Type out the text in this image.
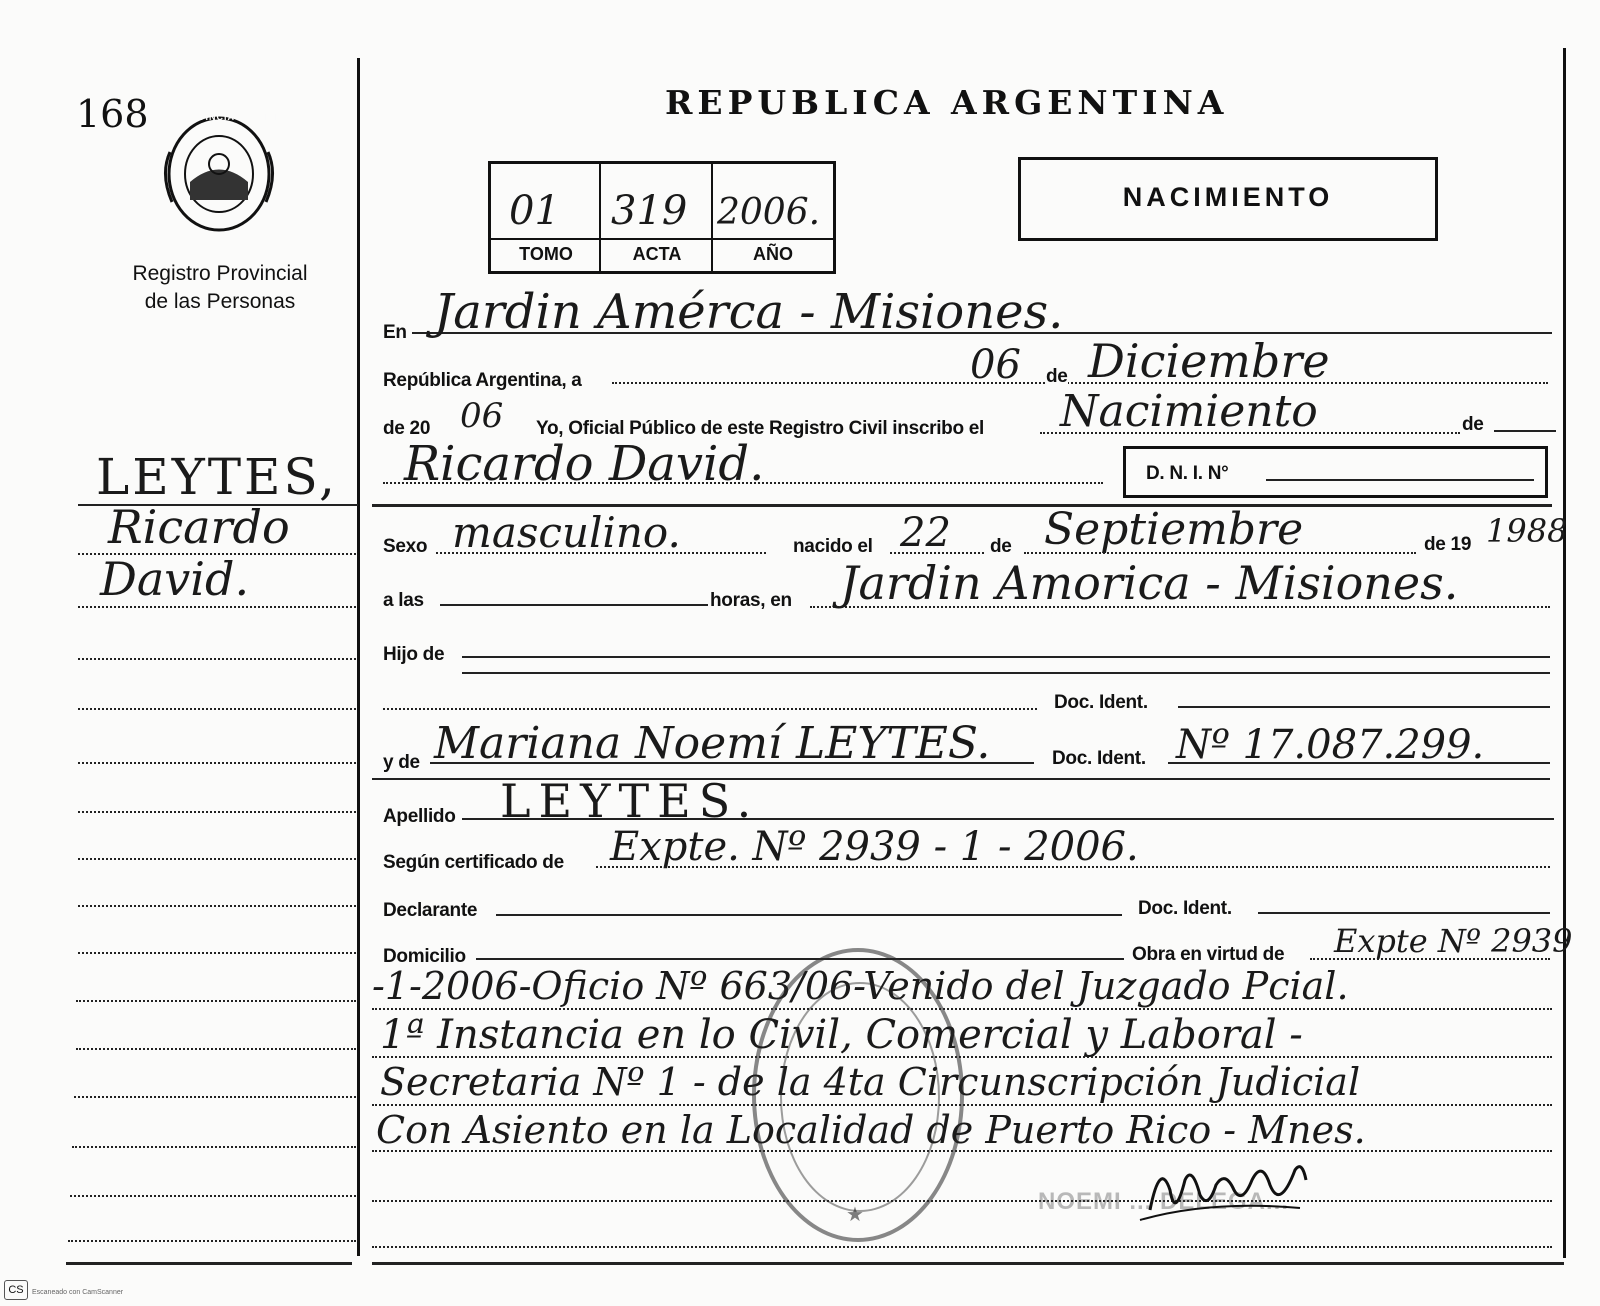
168	PROVINCIA DE MISIONES
Registro Provincial
de las Personas
REPUBLICA ARGENTINA
01 319 2006.
TOMO	ACTA	AÑO
NACIMIENTO
LEYTES,
Ricardo
David.
En Jardin Amérca - Misiones.
República Argentina, a	06 de Diciembre
de 20 06 Yo, Oficial Público de este Registro Civil inscribo el Nacimiento	de
Ricardo David.	D. N. I. N°
Sexo masculino.	nacido el 22 de Septiembre	de 19 1988
a las	horas, en Jardin Amorica - Misiones.
Hijo de
Doc. Ident.
y de Mariana Noemí LEYTES.	Doc. Ident. Nº 17.087.299.
Apellido LEYTES.
Según certificado de Expte. Nº 2939 - 1 - 2006.
Declarante	Doc. Ident.
Domicilio	Obra en virtud de Expte Nº 2939
-1-2006-Oficio Nº 663/06-Venido del Juzgado Pcial.
1ª Instancia en lo Civil, Comercial y Laboral -
Secretaria Nº 1 - de la 4ta Circunscripción Judicial
Con Asiento en la Localidad de Puerto Rico - Mnes.
★	NOEMI ... DELEGA...
CS	Escaneado con CamScanner
